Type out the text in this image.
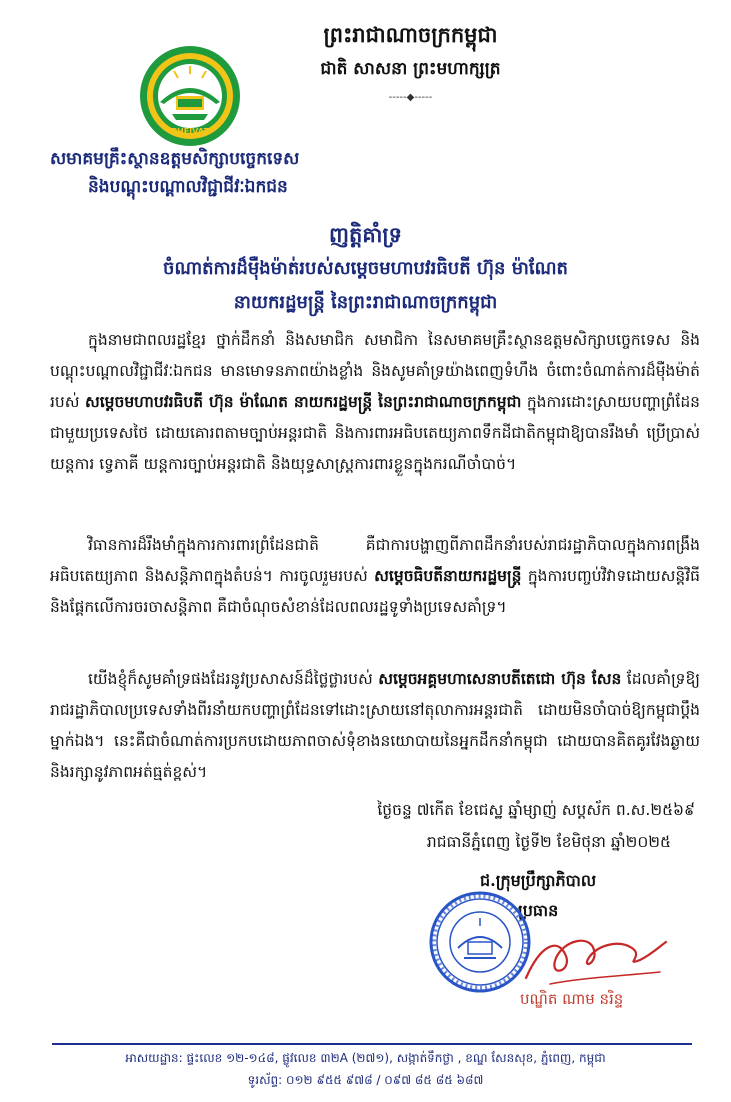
ព្រះរាជាណាចក្រកម្ពុជា
ជាតិ សាសនា ព្រះមហាក្សត្រ
-----◆-----
PHEIVAT
សមាគមគ្រឹះស្ថានឧត្តមសិក្សាបច្ចេកទេស
និងបណ្តុះបណ្តាលវិជ្ជាជីវៈឯកជន
ញត្តិគាំទ្រ
ចំណាត់ការដ៏ម៉ឺងម៉ាត់របស់សម្តេចមហាបវរធិបតី ហ៊ុន ម៉ាណែត
នាយករដ្ឋមន្ត្រី នៃព្រះរាជាណាចក្រកម្ពុជា
ក្នុងនាមជាពលរដ្ឋខ្មែរ ថ្នាក់ដឹកនាំ និងសមាជិក សមាជិកា នៃសមាគមគ្រឹះស្ថានឧត្តមសិក្សាបច្ចេកទេស និងបណ្តុះបណ្តាលវិជ្ជាជីវៈឯកជន មានមោទនភាពយ៉ាងខ្លាំង និងសូមគាំទ្រយ៉ាងពេញទំហឹង ចំពោះចំណាត់ការដ៏ម៉ឺងម៉ាត់របស់ សម្តេចមហាបវរធិបតី ហ៊ុន ម៉ាណែត នាយករដ្ឋមន្ត្រី នៃព្រះរាជាណាចក្រកម្ពុជា ក្នុងការដោះស្រាយបញ្ហាព្រំដែនជាមួយប្រទេសថៃ ដោយគោរពតាមច្បាប់អន្តរជាតិ និងការពារអធិបតេយ្យភាពទឹកដីជាតិកម្ពុជាឱ្យបានរឹងមាំ ប្រើប្រាស់យន្តការ ទ្វេភាគី យន្តការច្បាប់អន្តរជាតិ និងយុទ្ធសាស្ត្រការពារខ្លួនក្នុងករណីចាំបាច់។
វិធានការដ៏រឹងមាំក្នុងការការពារព្រំដែនជាតិ គឺជាការបង្ហាញពីភាពដឹកនាំរបស់រាជរដ្ឋាភិបាលក្នុងការពង្រឹងអធិបតេយ្យភាព និងសន្តិភាពក្នុងតំបន់។ ការចូលរួមរបស់ សម្តេចធិបតីនាយករដ្ឋមន្ត្រី ក្នុងការបញ្ចប់វិវាទដោយសន្តិវិធី និងផ្តែកលើការចរចាសន្តិភាព គឺជាចំណុចសំខាន់ដែលពលរដ្ឋទូទាំងប្រទេសគាំទ្រ។
យើងខ្ញុំក៏សូមគាំទ្រផងដែរនូវប្រសាសន៍ដ៏ថ្លៃថ្លារបស់ សម្តេចអគ្គមហាសេនាបតីតេជោ ហ៊ុន សែន ដែលគាំទ្រឱ្យរាជរដ្ឋាភិបាលប្រទេសទាំងពីរនាំយកបញ្ហាព្រំដែនទៅដោះស្រាយនៅតុលាការអន្តរជាតិ ដោយមិនចាំបាច់ឱ្យកម្ពុជាប្តឹងម្នាក់ឯង។ នេះគឺជាចំណាត់ការប្រកបដោយភាពចាស់ទុំខាងនយោបាយនៃអ្នកដឹកនាំកម្ពុជា ដោយបានគិតគូរវែងឆ្ងាយ និងរក្សានូវភាពអត់ធ្មត់ខ្ពស់។
ថ្ងៃចន្ទ ៧កើត ខែជេស្ឋ ឆ្នាំម្សាញ់ សប្តស័ក ព.ស.២៥៦៩
រាជធានីភ្នំពេញ ថ្ងៃទី២ ខែមិថុនា ឆ្នាំ២០២៥
ជ.ក្រុមប្រឹក្សាភិបាល
ប្រធាន
បណ្ឌិត ណាម នរិន្ទ
អាសយដ្ឋាន: ផ្ទះលេខ ១២-១៤៨, ផ្លូវលេខ ៣២A (២៧១), សង្កាត់ទឹកថ្លា , ខណ្ឌ សែនសុខ, ភ្នំពេញ, កម្ពុជា
ទូរស័ព្ទ: ០១២ ៩៥៥ ៩៧៨ / ០៩៧ ៨៥ ៨៥ ៦៨៧
